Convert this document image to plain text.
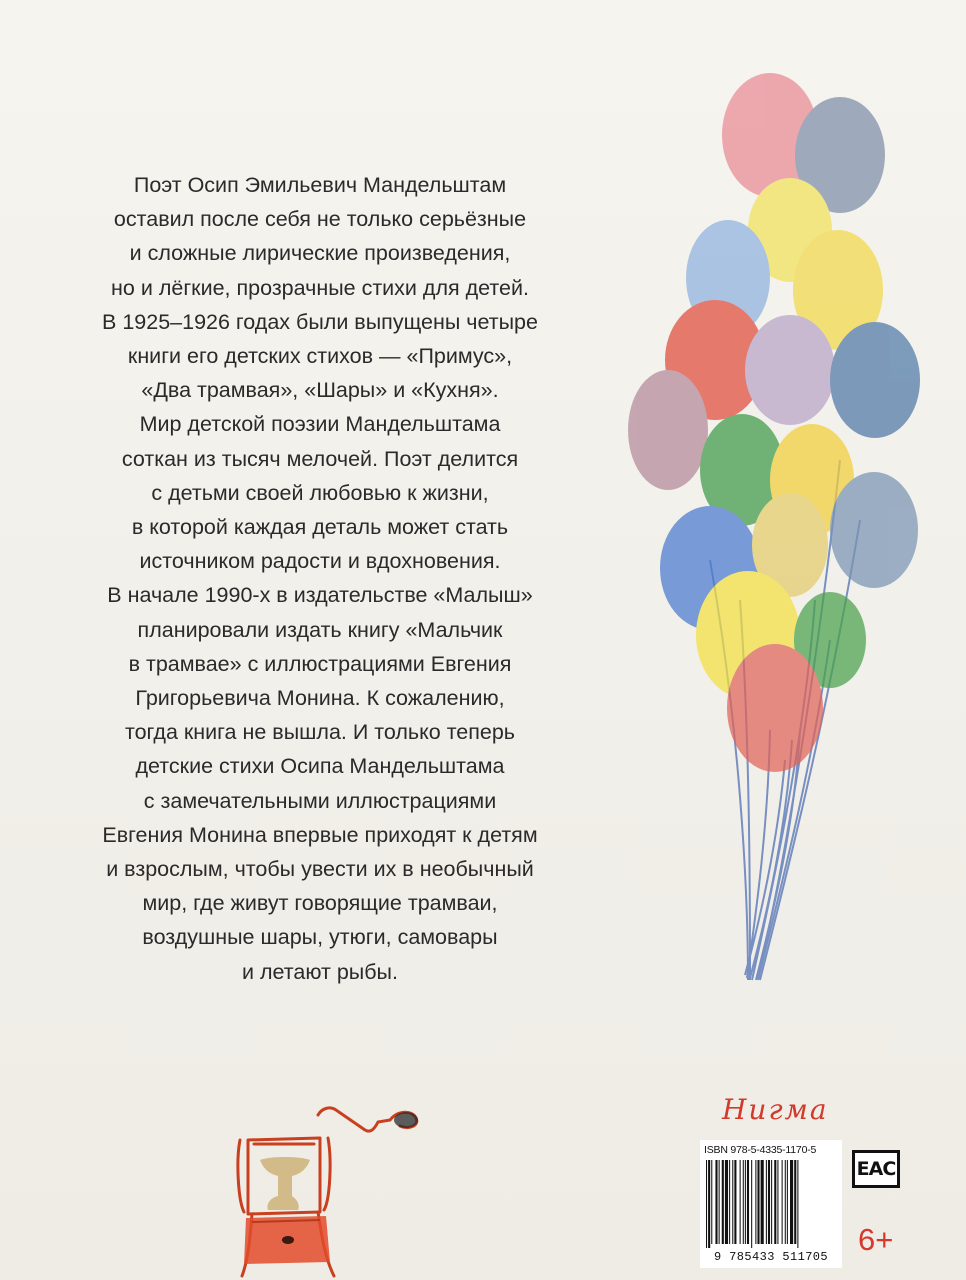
Поэт Осип Эмильевич Мандельштам
оставил после себя не только серьёзные
и сложные лирические произведения,
но и лёгкие, прозрачные стихи для детей.
В 1925–1926 годах были выпущены четыре
книги его детских стихов — «Примус»,
«Два трамвая», «Шары» и «Кухня».
Мир детской поэзии Мандельштама
соткан из тысяч мелочей. Поэт делится
с детьми своей любовью к жизни,
в которой каждая деталь может стать
источником радости и вдохновения.
В начале 1990-х в издательстве «Малыш»
планировали издать книгу «Мальчик
в трамвае» с иллюстрациями Евгения
Григорьевича Монина. К сожалению,
тогда книга не вышла. И только теперь
детские стихи Осипа Мандельштама
с замечательными иллюстрациями
Евгения Монина впервые приходят к детям
и взрослым, чтобы увести их в необычный
мир, где живут говорящие трамваи,
воздушные шары, утюги, самовары
и летают рыбы.
Нигма
ISBN 978-5-4335-1170-5
9 785433 511705
EAC
6+
